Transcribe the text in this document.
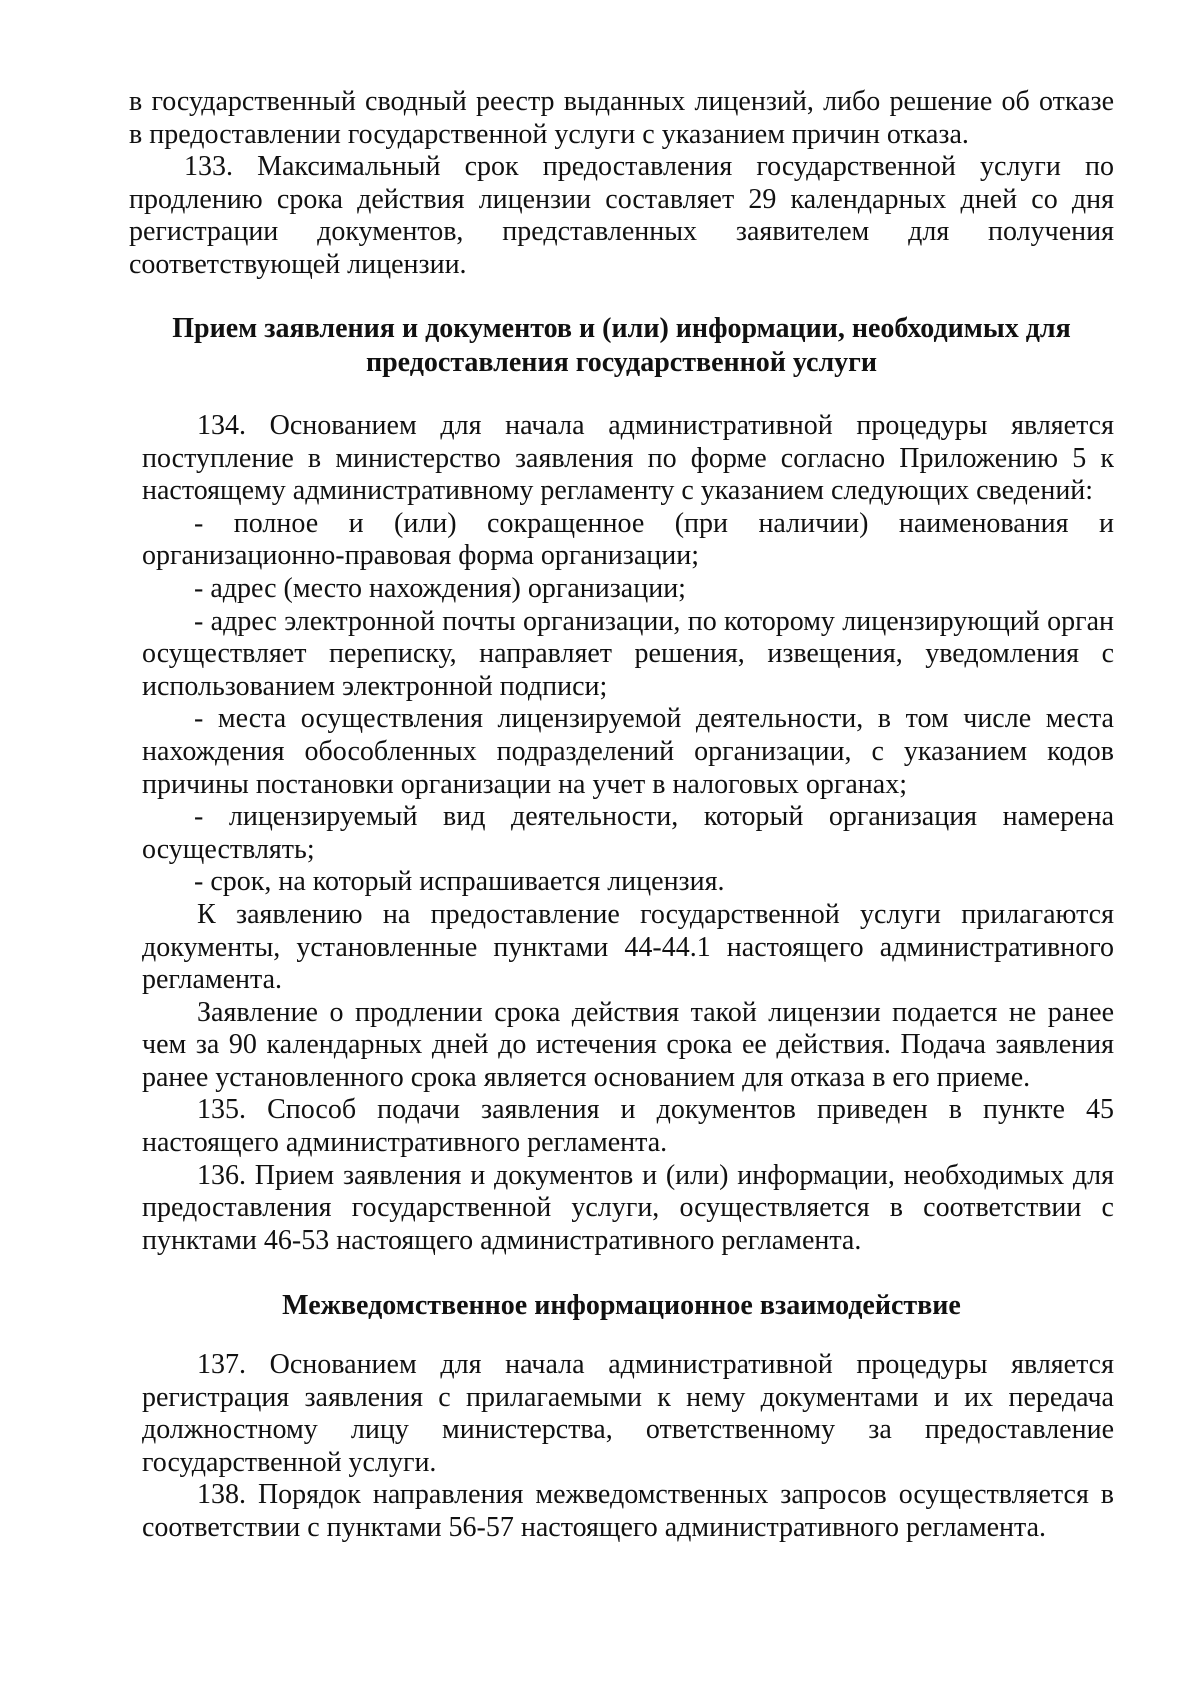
в государственный сводный реестр выданных лицензий, либо решение об отказе в предоставлении государственной услуги с указанием причин отказа.

133. Максимальный срок предоставления государственной услуги по продлению срока действия лицензии составляет 29 календарных дней со дня регистрации документов, представленных заявителем для получения соответствующей лицензии.

Прием заявления и документов и (или) информации, необходимых для предоставления государственной услуги

134. Основанием для начала административной процедуры является поступление в министерство заявления по форме согласно Приложению 5 к настоящему административному регламенту с указанием следующих сведений:

- полное и (или) сокращенное (при наличии) наименования и организационно-правовая форма организации;

- адрес (место нахождения) организации;

- адрес электронной почты организации, по которому лицензирующий орган осуществляет переписку, направляет решения, извещения, уведомления с использованием электронной подписи;

- места осуществления лицензируемой деятельности, в том числе места нахождения обособленных подразделений организации, с указанием кодов причины постановки организации на учет в налоговых органах;

- лицензируемый вид деятельности, который организация намерена осуществлять;

- срок, на который испрашивается лицензия.

К заявлению на предоставление государственной услуги прилагаются документы, установленные пунктами 44-44.1 настоящего административного регламента.

Заявление о продлении срока действия такой лицензии подается не ранее чем за 90 календарных дней до истечения срока ее действия. Подача заявления ранее установленного срока является основанием для отказа в его приеме.

135. Способ подачи заявления и документов приведен в пункте 45 настоящего административного регламента.

136. Прием заявления и документов и (или) информации, необходимых для предоставления государственной услуги, осуществляется в соответствии с пунктами 46-53 настоящего административного регламента.

Межведомственное информационное взаимодействие

137. Основанием для начала административной процедуры является регистрация заявления с прилагаемыми к нему документами и их передача должностному лицу министерства, ответственному за предоставление государственной услуги.

138. Порядок направления межведомственных запросов осуществляется в соответствии с пунктами 56-57 настоящего административного регламента.
